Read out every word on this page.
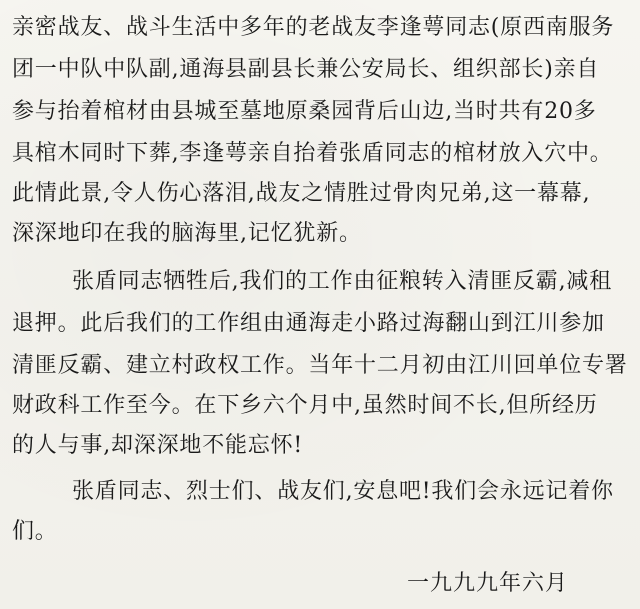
亲密战友、战斗生活中多年的老战友李逢萼同志(原西南服务
团一中队中队副,通海县副县长兼公安局长、组织部长)亲自
参与抬着棺材由县城至墓地原桑园背后山边,当时共有20多
具棺木同时下葬,李逢萼亲自抬着张盾同志的棺材放入穴中。
此情此景,令人伤心落泪,战友之情胜过骨肉兄弟,这一幕幕,
深深地印在我的脑海里,记忆犹新。
张盾同志牺牲后,我们的工作由征粮转入清匪反霸,减租
退押。此后我们的工作组由通海走小路过海翻山到江川参加
清匪反霸、建立村政权工作。当年十二月初由江川回单位专署
财政科工作至今。在下乡六个月中,虽然时间不长,但所经历
的人与事,却深深地不能忘怀!
张盾同志、烈士们、战友们,安息吧!我们会永远记着你
们。
一九九九年六月
